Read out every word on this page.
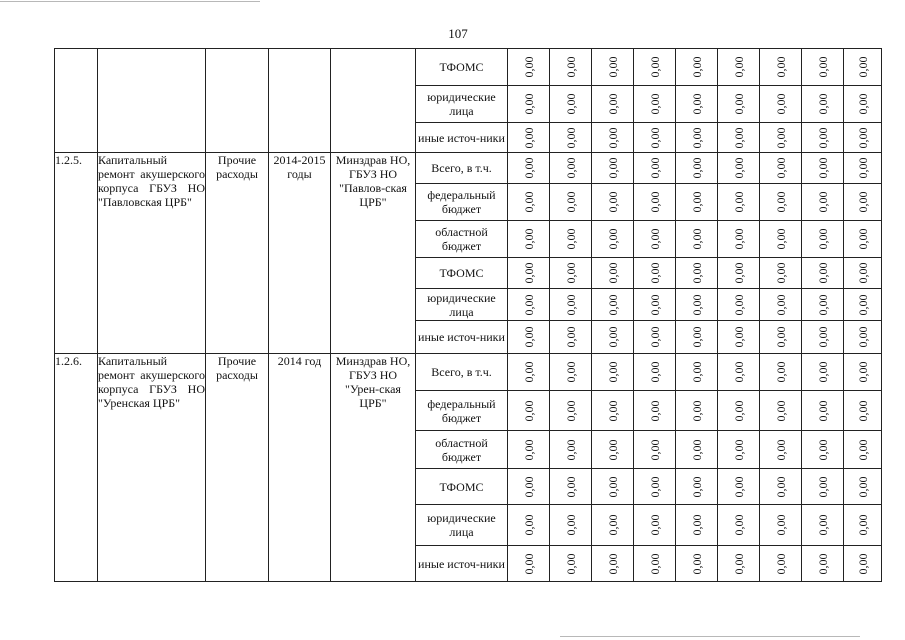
107
					ТФОМС	0,00	0,00	0,00	0,00	0,00	0,00	0,00	0,00	0,00

					юридические лица	0,00	0,00	0,00	0,00	0,00	0,00	0,00	0,00	0,00

					иные источ-ники	0,00	0,00	0,00	0,00	0,00	0,00	0,00	0,00	0,00

1.2.5.	Капитальный ремонт акушерского корпуса ГБУЗ НО "Павловская ЦРБ"	Прочие расходы	2014-2015 годы	Минздрав НО, ГБУЗ НО "Павлов-ская ЦРБ"	Всего, в т.ч.	0,00	0,00	0,00	0,00	0,00	0,00	0,00	0,00	0,00

					федеральный бюджет	0,00	0,00	0,00	0,00	0,00	0,00	0,00	0,00	0,00

					областной бюджет	0,00	0,00	0,00	0,00	0,00	0,00	0,00	0,00	0,00

					ТФОМС	0,00	0,00	0,00	0,00	0,00	0,00	0,00	0,00	0,00

					юридические лица	0,00	0,00	0,00	0,00	0,00	0,00	0,00	0,00	0,00

					иные источ-ники	0,00	0,00	0,00	0,00	0,00	0,00	0,00	0,00	0,00

1.2.6.	Капитальный ремонт акушерского корпуса ГБУЗ НО "Уренская ЦРБ"	Прочие расходы	2014 год	Минздрав НО, ГБУЗ НО "Урен-ская ЦРБ"	Всего, в т.ч.	0,00	0,00	0,00	0,00	0,00	0,00	0,00	0,00	0,00

					федеральный бюджет	0,00	0,00	0,00	0,00	0,00	0,00	0,00	0,00	0,00

					областной бюджет	0,00	0,00	0,00	0,00	0,00	0,00	0,00	0,00	0,00

					ТФОМС	0,00	0,00	0,00	0,00	0,00	0,00	0,00	0,00	0,00

					юридические лица	0,00	0,00	0,00	0,00	0,00	0,00	0,00	0,00	0,00

					иные источ-ники	0,00	0,00	0,00	0,00	0,00	0,00	0,00	0,00	0,00
